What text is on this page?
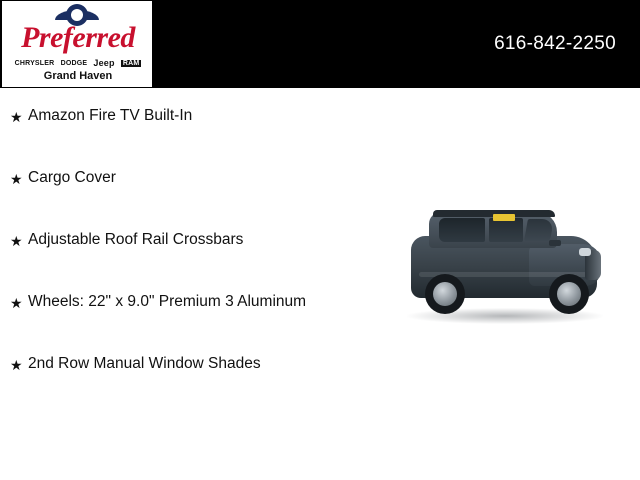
Preferred
CHRYSLER DODGE Jeep RAM
Grand Haven
616-842-2250
★ Amazon Fire TV Built-In
★ Cargo Cover
★ Adjustable Roof Rail Crossbars
★ Wheels: 22" x 9.0" Premium 3 Aluminum
★ 2nd Row Manual Window Shades
